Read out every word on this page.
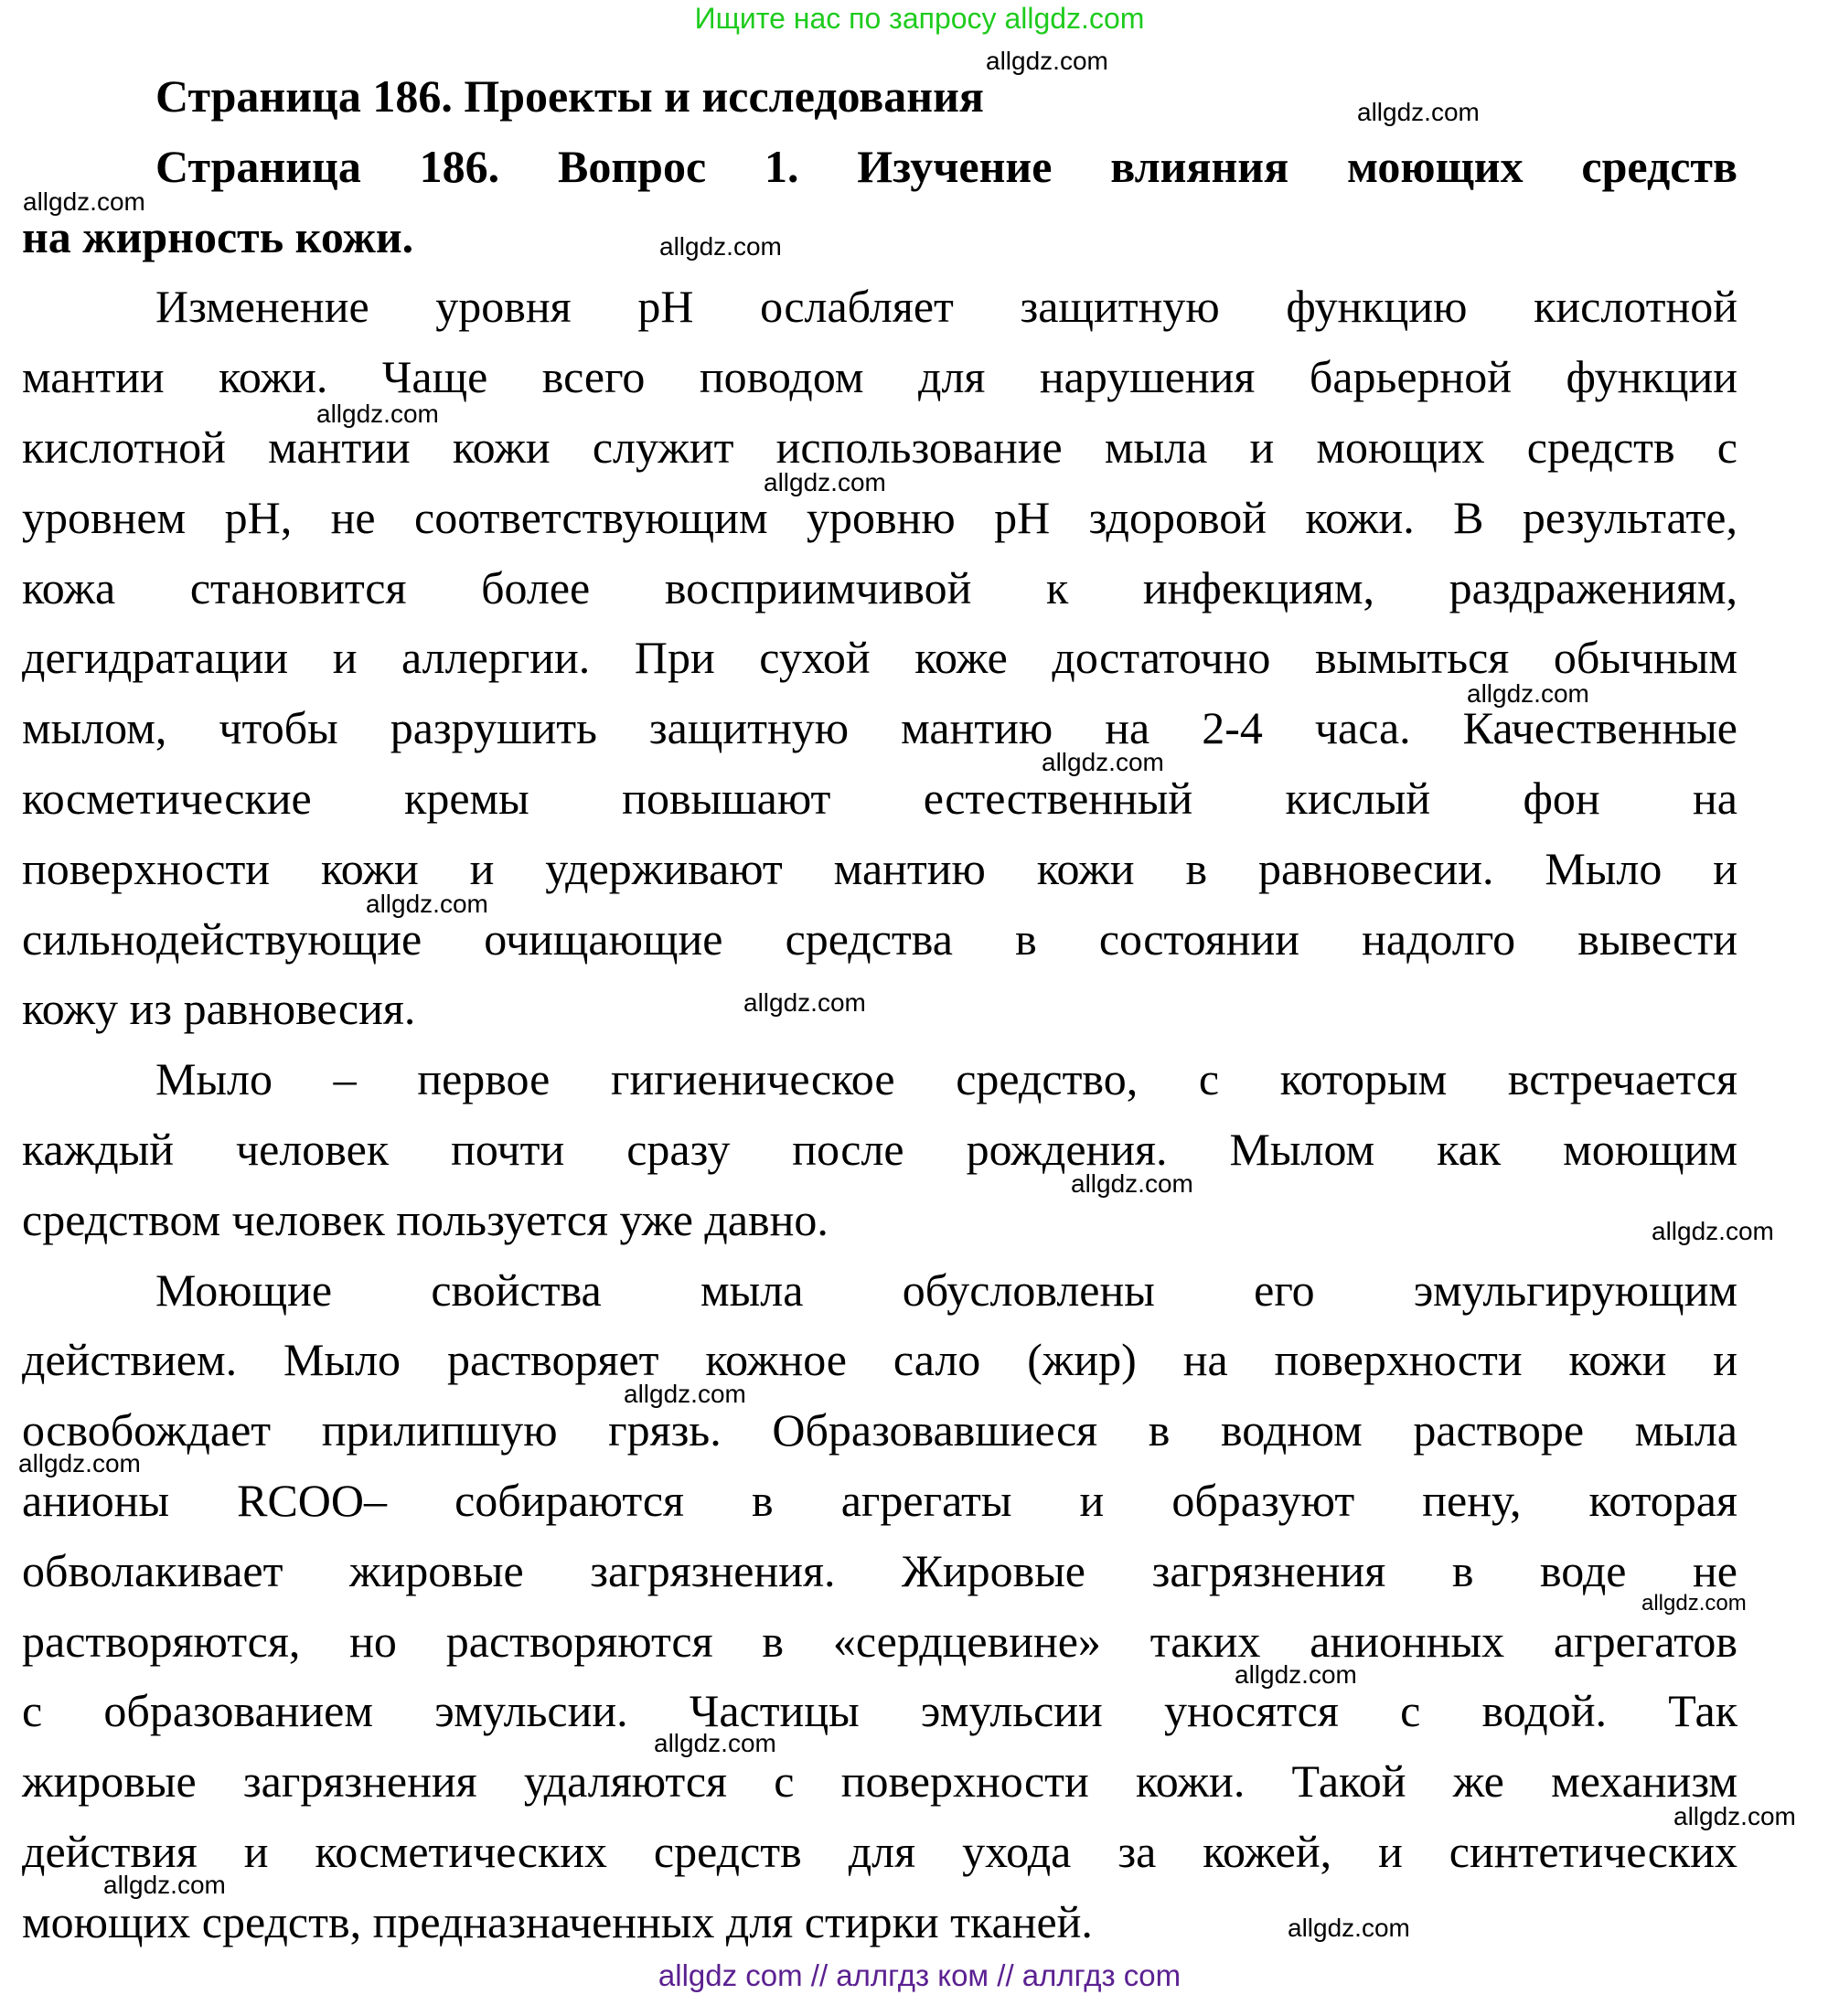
Ищите нас по запросу allgdz.com
Страница 186. Проекты и исследования
Страница 186. Вопрос 1. Изучение влияния моющих средств
на жирность кожи.
Изменение уровня pH ослабляет защитную функцию кислотной
мантии кожи. Чаще всего поводом для нарушения барьерной функции
кислотной мантии кожи служит использование мыла и моющих средств с
уровнем pH, не соответствующим уровню pH здоровой кожи. В результате,
кожа становится более восприимчивой к инфекциям, раздражениям,
дегидратации и аллергии. При сухой коже достаточно вымыться обычным
мылом, чтобы разрушить защитную мантию на 2-4 часа. Качественные
косметические кремы повышают естественный кислый фон на
поверхности кожи и удерживают мантию кожи в равновесии. Мыло и
сильнодействующие очищающие средства в состоянии надолго вывести
кожу из равновесия.
Мыло – первое гигиеническое средство, с которым встречается
каждый человек почти сразу после рождения. Мылом как моющим
средством человек пользуется уже давно.
Моющие свойства мыла обусловлены его эмульгирующим
действием. Мыло растворяет кожное сало (жир) на поверхности кожи и
освобождает прилипшую грязь. Образовавшиеся в водном растворе мыла
анионы RCOO– собираются в агрегаты и образуют пену, которая
обволакивает жировые загрязнения. Жировые загрязнения в воде не
растворяются, но растворяются в «сердцевине» таких анионных агрегатов
с образованием эмульсии. Частицы эмульсии уносятся с водой. Так
жировые загрязнения удаляются с поверхности кожи. Такой же механизм
действия и косметических средств для ухода за кожей, и синтетических
моющих средств, предназначенных для стирки тканей.
allgdz.com
allgdz.com
allgdz.com
allgdz.com
allgdz.com
allgdz.com
allgdz.com
allgdz.com
allgdz.com
allgdz.com
allgdz.com
allgdz.com
allgdz.com
allgdz.com
allgdz.com
allgdz.com
allgdz.com
allgdz.com
allgdz.com
allgdz.com
allgdz com // аллгдз ком // аллгдз com
